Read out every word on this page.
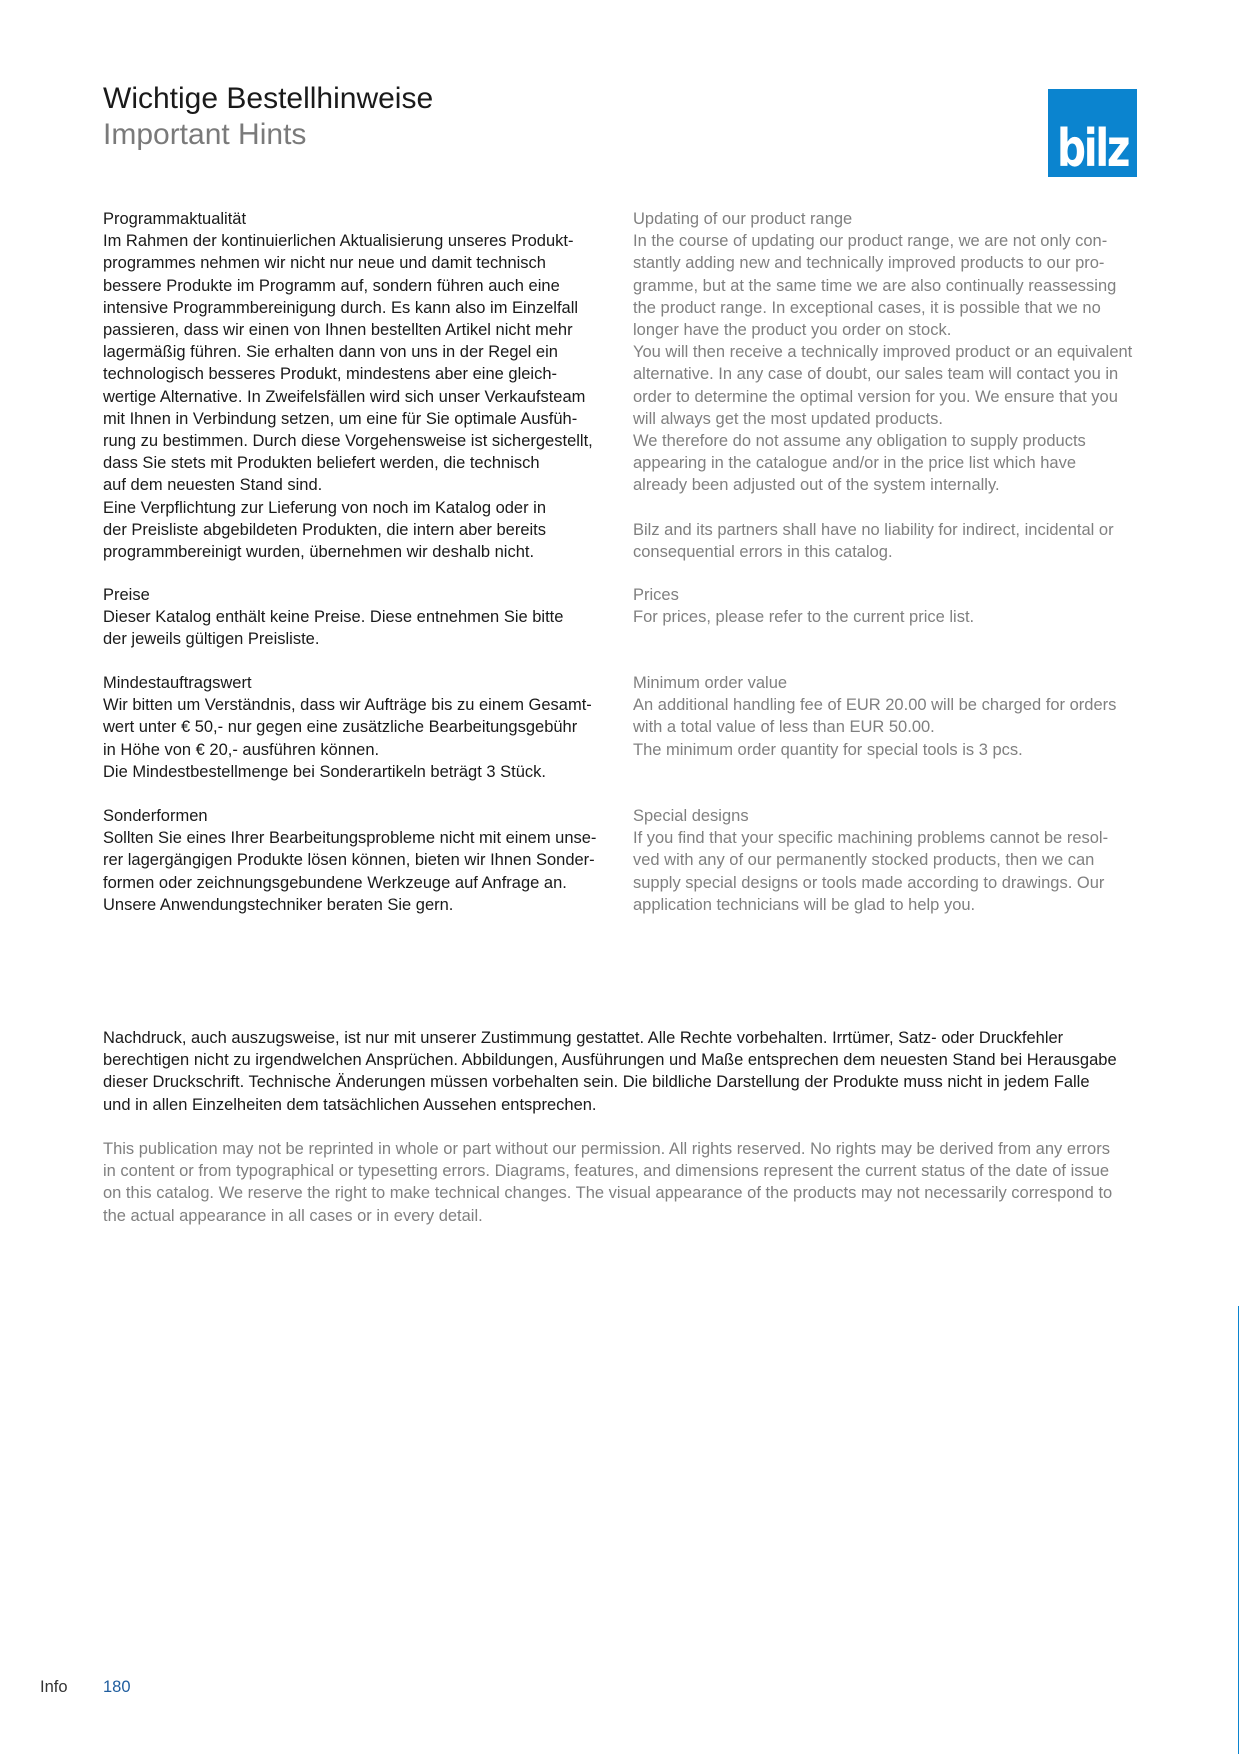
Wichtige Bestellhinweise
Important Hints	bilz
Programmaktualität
Im Rahmen der kontinuierlichen Aktualisierung unseres Produkt-
programmes nehmen wir nicht nur neue und damit technisch
bessere Produkte im Programm auf, sondern führen auch eine
intensive Programmbereinigung durch. Es kann also im Einzelfall
passieren, dass wir einen von Ihnen bestellten Artikel nicht mehr
lagermäßig führen. Sie erhalten dann von uns in der Regel ein
technologisch besseres Produkt, mindestens aber eine gleich-
wertige Alternative. In Zweifelsfällen wird sich unser Verkaufsteam
mit Ihnen in Verbindung setzen, um eine für Sie optimale Ausfüh-
rung zu bestimmen. Durch diese Vorgehensweise ist sichergestellt,
dass Sie stets mit Produkten beliefert werden, die technisch
auf dem neuesten Stand sind.
Eine Verpflichtung zur Lieferung von noch im Katalog oder in
der Preisliste abgebildeten Produkten, die intern aber bereits
programmbereinigt wurden, übernehmen wir deshalb nicht.
Preise
Dieser Katalog enthält keine Preise. Diese entnehmen Sie bitte
der jeweils gültigen Preisliste.
Mindestauftragswert
Wir bitten um Verständnis, dass wir Aufträge bis zu einem Gesamt-
wert unter € 50,- nur gegen eine zusätzliche Bearbeitungsgebühr
in Höhe von € 20,- ausführen können.
Die Mindestbestellmenge bei Sonderartikeln beträgt 3 Stück.
Sonderformen
Sollten Sie eines Ihrer Bearbeitungsprobleme nicht mit einem unse-
rer lagergängigen Produkte lösen können, bieten wir Ihnen Sonder-
formen oder zeichnungsgebundene Werkzeuge auf Anfrage an.
Unsere Anwendungstechniker beraten Sie gern.
Updating of our product range
In the course of updating our product range, we are not only con-
stantly adding new and technically improved products to our pro-
gramme, but at the same time we are also continually reassessing
the product range. In exceptional cases, it is possible that we no
longer have the product you order on stock.
You will then receive a technically improved product or an equivalent
alternative. In any case of doubt, our sales team will contact you in
order to determine the optimal version for you. We ensure that you
will always get the most updated products.
We therefore do not assume any obligation to supply products
appearing in the catalogue and/or in the price list which have
already been adjusted out of the system internally.
Bilz and its partners shall have no liability for indirect, incidental or
consequential errors in this catalog.
Prices
For prices, please refer to the current price list.
Minimum order value
An additional handling fee of EUR 20.00 will be charged for orders
with a total value of less than EUR 50.00.
The minimum order quantity for special tools is 3 pcs.
Special designs
If you find that your specific machining problems cannot be resol-
ved with any of our permanently stocked products, then we can
supply special designs or tools made according to drawings. Our
application technicians will be glad to help you.
Nachdruck, auch auszugsweise, ist nur mit unserer Zustimmung gestattet. Alle Rechte vorbehalten. Irrtümer, Satz- oder Druckfehler
berechtigen nicht zu irgendwelchen Ansprüchen. Abbildungen, Ausführungen und Maße entsprechen dem neuesten Stand bei Herausgabe
dieser Druckschrift. Technische Änderungen müssen vorbehalten sein. Die bildliche Darstellung der Produkte muss nicht in jedem Falle
und in allen Einzelheiten dem tatsächlichen Aussehen entsprechen.
This publication may not be reprinted in whole or part without our permission. All rights reserved. No rights may be derived from any errors
in content or from typographical or typesetting errors. Diagrams, features, and dimensions represent the current status of the date of issue
on this catalog. We reserve the right to make technical changes. The visual appearance of the products may not necessarily correspond to
the actual appearance in all cases or in every detail.
Info 180
